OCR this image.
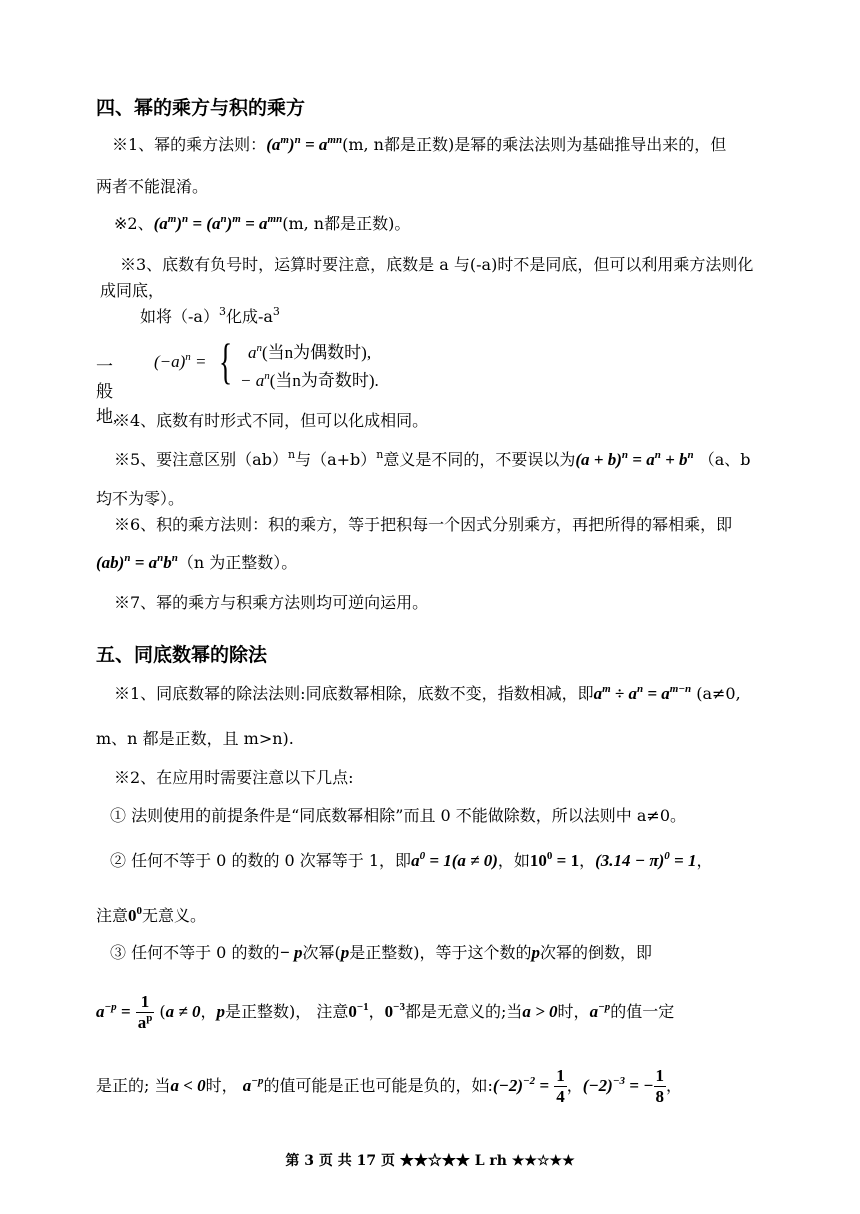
四、幂的乘方与积的乘方
※1、幂的乘方法则：$(a^m)^n = a^{mn}(m$, n都是正数)是幂的乘法法则为基础推导出来的，但
两者不能混淆。
※2、$(a^m)^n = (a^n)^m = a^{mn}(m$, n都是正数)。
※3、底数有负号时，运算时要注意，底数是 a 与(-a)时不是同底，但可以利用乘方法则化
成同底，
如将$(-a)^3$化成$-a^3$
一般地,
$(-a)^n$ = { $a^n$(当n为偶数时),
− $a^n$(当n为奇数时).
※4、底数有时形式不同，但可以化成相同。
※5、要注意区别（ab）$^n$与$(a+b)^n$意义是不同的，不要误以为$(a + b)^n = a^n + b^n$ （a、b
均不为零）。
※6、积的乘方法则：积的乘方，等于把积每一个因式分别乘方，再把所得的幂相乘，即
$(ab)^n = a^nb^n(n$ 为正整数）。
※7、幂的乘方与积乘方法则均可逆向运用。
五、同底数幂的除法
※1、同底数幂的除法法则:同底数幂相除，底数不变，指数相减，即$a^m \div a^n = a^{m-n}$ (a≠0,
m、n 都是正数，且 m>n).
※2、在应用时需要注意以下几点:
① 法则使用的前提条件是“同底数幂相除”而且 0 不能做除数，所以法则中 a≠0。
② 任何不等于 0 的数的 0 次幂等于 1，即$a^0 = 1(a \ne 0)$，如$10^0 = 1$，$(3.14 - \pi)^0 = 1$，
注意$0^0$无意义。
③ 任何不等于 0 的数的− p次幂(p是正整数)，等于这个数的p次幂的倒数，即
$a^{-p} = \frac{1}{a^p} (a \ne 0$，p是正整数)， 注意$0^{-1}$，$0^{-3}$都是无意义的;当a > 0时，$a^{-p}$的值一定
是正的; 当a < 0时， $a^{-p}$的值可能是正也可能是负的，如$:(-2)^{-2} = \frac{1}{4}$ ，$(-2)^{-3}$ = − $\frac{1}{8}$ ，
第 3 页 共 17 页 ★★☆★★ L rh ★★☆★★
